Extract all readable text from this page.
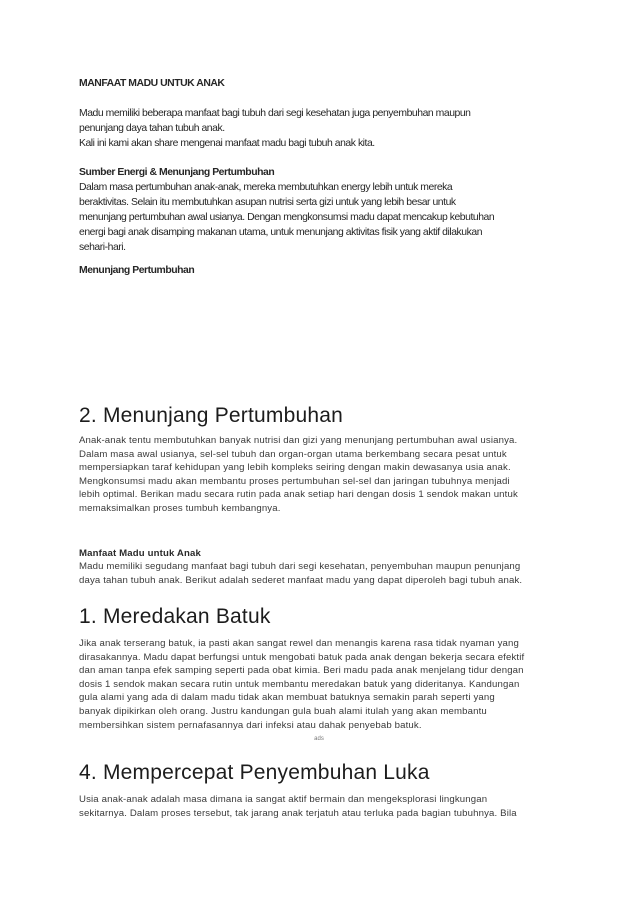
MANFAAT MADU UNTUK ANAK

Madu memiliki beberapa manfaat bagi tubuh dari segi kesehatan juga penyembuhan maupun
penunjang daya tahan tubuh anak.
Kali ini kami akan share mengenai manfaat madu bagi tubuh anak kita.

Sumber Energi & Menunjang Pertumbuhan

Dalam masa pertumbuhan anak-anak, mereka membutuhkan energy lebih untuk mereka
beraktivitas. Selain itu membutuhkan asupan nutrisi serta gizi untuk yang lebih besar untuk
menunjang pertumbuhan awal usianya. Dengan mengkonsumsi madu dapat mencakup kebutuhan
energi bagi anak disamping makanan utama, untuk menunjang aktivitas fisik yang aktif dilakukan
sehari-hari.

Menunjang Pertumbuhan

2. Menunjang Pertumbuhan
Anak-anak tentu membutuhkan banyak nutrisi dan gizi yang menunjang pertumbuhan awal usianya.
Dalam masa awal usianya, sel-sel tubuh dan organ-organ utama berkembang secara pesat untuk
mempersiapkan taraf kehidupan yang lebih kompleks seiring dengan makin dewasanya usia anak.
Mengkonsumsi madu akan membantu proses pertumbuhan sel-sel dan jaringan tubuhnya menjadi
lebih optimal. Berikan madu secara rutin pada anak setiap hari dengan dosis 1 sendok makan untuk
memaksimalkan proses tumbuh kembangnya.

Manfaat Madu untuk Anak

Madu memiliki segudang manfaat bagi tubuh dari segi kesehatan, penyembuhan maupun penunjang
daya tahan tubuh anak. Berikut adalah sederet manfaat madu yang dapat diperoleh bagi tubuh anak.
1. Meredakan Batuk
Jika anak terserang batuk, ia pasti akan sangat rewel dan menangis karena rasa tidak nyaman yang
dirasakannya. Madu dapat berfungsi untuk mengobati batuk pada anak dengan bekerja secara efektif
dan aman tanpa efek samping seperti pada obat kimia. Beri madu pada anak menjelang tidur dengan
dosis 1 sendok makan secara rutin untuk membantu meredakan batuk yang dideritanya. Kandungan
gula alami yang ada di dalam madu tidak akan membuat batuknya semakin parah seperti yang
banyak dipikirkan oleh orang. Justru kandungan gula buah alami itulah yang akan membantu
membersihkan sistem pernafasannya dari infeksi atau dahak penyebab batuk.
ads
4. Mempercepat Penyembuhan Luka
Usia anak-anak adalah masa dimana ia sangat aktif bermain dan mengeksplorasi lingkungan
sekitarnya. Dalam proses tersebut, tak jarang anak terjatuh atau terluka pada bagian tubuhnya. Bila
